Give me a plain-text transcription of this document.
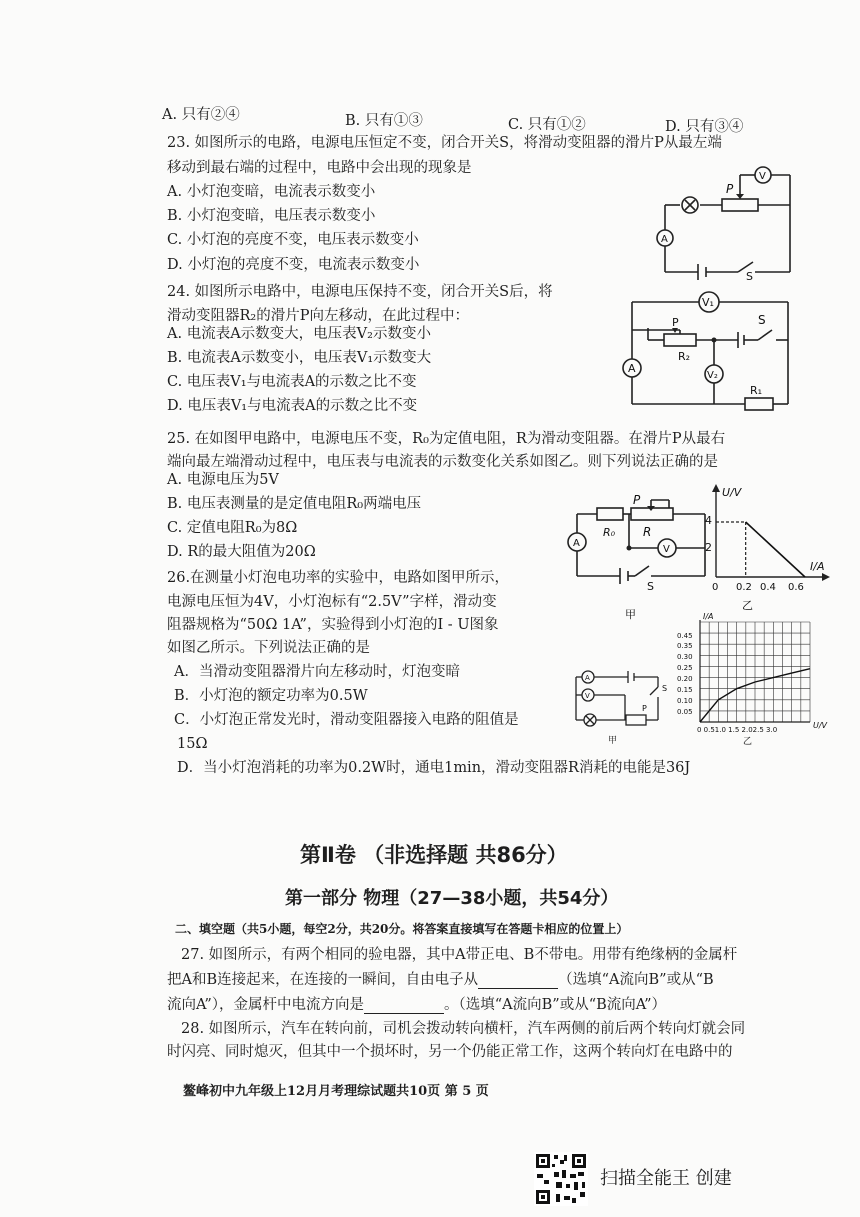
A. 只有②④	B. 只有①③	C. 只有①②	D. 只有③④
23. 如图所示的电路，电源电压恒定不变，闭合开关S，将滑动变阻器的滑片P从最左端
移动到最右端的过程中，电路中会出现的现象是
A. 小灯泡变暗，电流表示数变小
B. 小灯泡变暗，电压表示数变小
C. 小灯泡的亮度不变，电压表示数变小
D. 小灯泡的亮度不变，电流表示数变小
P
V
A
S
24. 如图所示电路中，电源电压保持不变，闭合开关S后，将
滑动变阻器R₂的滑片P向左移动，在此过程中：
A. 电流表A示数变大，电压表V₂示数变小
B. 电流表A示数变小，电压表V₁示数变大
C. 电压表V₁与电流表A的示数之比不变
D. 电压表V₁与电流表A的示数之比不变
V₁
V₂
A
P
R₂
R₁
S
25. 在如图甲电路中，电源电压不变，R₀为定值电阻，R为滑动变阻器。在滑片P从最右
端向最左端滑动过程中，电压表与电流表的示数变化关系如图乙。则下列说法正确的是
A. 电源电压为5V
B. 电压表测量的是定值电阻R₀两端电压
C. 定值电阻R₀为8Ω
D. R的最大阻值为20Ω
P
R₀ R
A
V
S
甲
U/V
I/A
4
2
0 0.2 0.4 0.6
乙
26.在测量小灯泡电功率的实验中，电路如图甲所示，
电源电压恒为4V，小灯泡标有“2.5V”字样，滑动变
阻器规格为“50Ω 1A”，实验得到小灯泡的I - U图象
如图乙所示。下列说法正确的是
A．当滑动变阻器滑片向左移动时，灯泡变暗
B．小灯泡的额定功率为0.5W
C．小灯泡正常发光时，滑动变阻器接入电路的阻值是
15Ω
D．当小灯泡消耗的功率为0.2W时，通电1min，滑动变阻器R消耗的电能是36J
A
V
S
P
甲
I/A
U/V
0.45
0.35
0.30
0.25
0.20
0.15
0.10
0.05
0 0.51.0 1.5 2.02.5 3.0
乙
第Ⅱ卷 （非选择题 共86分）
第一部分 物理（27—38小题，共54分）
二、填空题（共5小题，每空2分，共20分。将答案直接填写在答题卡相应的位置上）
27. 如图所示，有两个相同的验电器，其中A带正电、B不带电。用带有绝缘柄的金属杆
把A和B连接起来，在连接的一瞬间，自由电子从	（选填“A流向B”或从“B
流向A”），金属杆中电流方向是	。（选填“A流向B”或从“B流向A”）
28. 如图所示，汽车在转向前，司机会拨动转向横杆，汽车两侧的前后两个转向灯就会同
时闪亮、同时熄灭，但其中一个损坏时，另一个仍能正常工作，这两个转向灯在电路中的
鳌峰初中九年级上12月月考理综试题共10页 第 5 页
扫描全能王 创建
